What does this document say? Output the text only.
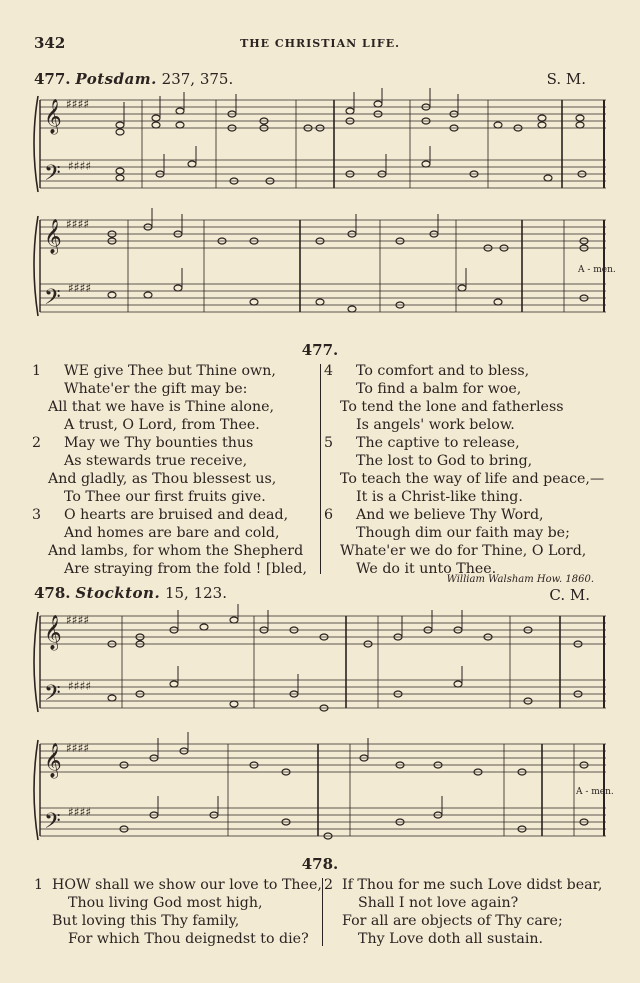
342	THE CHRISTIAN LIFE.
477. Potsdam. 237, 375.	S. M.
𝄞
𝄢
𝄞
𝄢
♯♯♯♯
♯♯♯♯
♯♯♯♯
♯♯♯♯
A - men.
477.
1 WE give Thee but Thine own,
Whate'er the gift may be:
All that we have is Thine alone,
A trust, O Lord, from Thee.
2 May we Thy bounties thus
As stewards true receive,
And gladly, as Thou blessest us,
To Thee our first fruits give.
3 O hearts are bruised and dead,
And homes are bare and cold,
And lambs, for whom the Shepherd
Are straying from the fold ! [bled,
4 To comfort and to bless,
To find a balm for woe,
To tend the lone and fatherless
Is angels' work below.
5 The captive to release,
The lost to God to bring,
To teach the way of life and peace,—
It is a Christ-like thing.
6 And we believe Thy Word,
Though dim our faith may be;
Whate'er we do for Thine, O Lord,
We do it unto Thee.
William Walsham How. 1860.
478. Stockton. 15, 123.	C. M.
𝄞
𝄢
𝄞
𝄢
♯♯♯♯
♯♯♯♯
♯♯♯♯
♯♯♯♯
A - men.
478.
1 HOW shall we show our love to Thee,
Thou living God most high,
But loving this Thy family,
For which Thou deignedst to die?
2 If Thou for me such Love didst bear,
Shall I not love again?
For all are objects of Thy care;
Thy Love doth all sustain.
